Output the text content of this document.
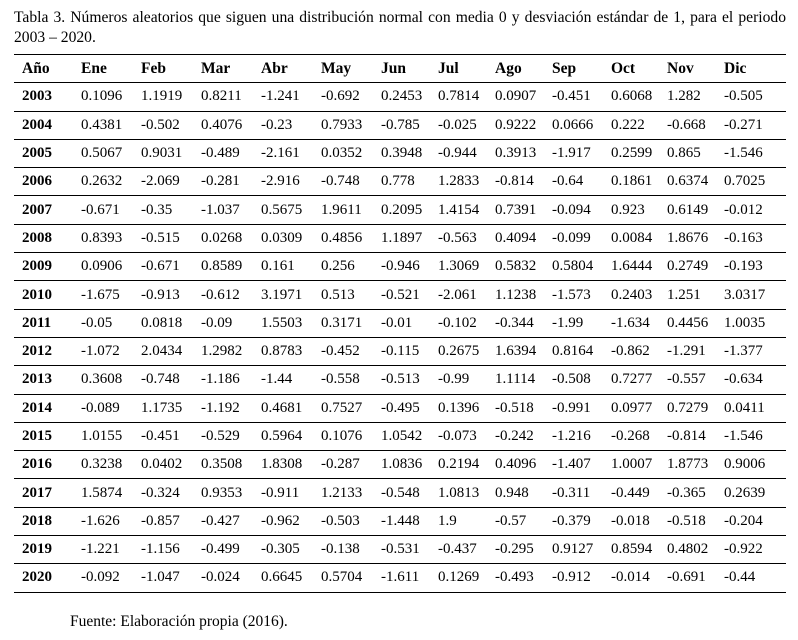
Tabla 3. Números aleatorios que siguen una distribución normal con media 0 y desviación estándar de 1, para el periodo 2003 – 2020.
Año	Ene	Feb	Mar	Abr	May	Jun	Jul	Ago	Sep	Oct	Nov	Dic
2003	0.1096	1.1919	0.8211	-1.241	-0.692	0.2453	0.7814	0.0907	-0.451	0.6068	1.282	-0.505
2004	0.4381	-0.502	0.4076	-0.23	0.7933	-0.785	-0.025	0.9222	0.0666	0.222	-0.668	-0.271
2005	0.5067	0.9031	-0.489	-2.161	0.0352	0.3948	-0.944	0.3913	-1.917	0.2599	0.865	-1.546
2006	0.2632	-2.069	-0.281	-2.916	-0.748	0.778	1.2833	-0.814	-0.64	0.1861	0.6374	0.7025
2007	-0.671	-0.35	-1.037	0.5675	1.9611	0.2095	1.4154	0.7391	-0.094	0.923	0.6149	-0.012
2008	0.8393	-0.515	0.0268	0.0309	0.4856	1.1897	-0.563	0.4094	-0.099	0.0084	1.8676	-0.163
2009	0.0906	-0.671	0.8589	0.161	0.256	-0.946	1.3069	0.5832	0.5804	1.6444	0.2749	-0.193
2010	-1.675	-0.913	-0.612	3.1971	0.513	-0.521	-2.061	1.1238	-1.573	0.2403	1.251	3.0317
2011	-0.05	0.0818	-0.09	1.5503	0.3171	-0.01	-0.102	-0.344	-1.99	-1.634	0.4456	1.0035
2012	-1.072	2.0434	1.2982	0.8783	-0.452	-0.115	0.2675	1.6394	0.8164	-0.862	-1.291	-1.377
2013	0.3608	-0.748	-1.186	-1.44	-0.558	-0.513	-0.99	1.1114	-0.508	0.7277	-0.557	-0.634
2014	-0.089	1.1735	-1.192	0.4681	0.7527	-0.495	0.1396	-0.518	-0.991	0.0977	0.7279	0.0411
2015	1.0155	-0.451	-0.529	0.5964	0.1076	1.0542	-0.073	-0.242	-1.216	-0.268	-0.814	-1.546
2016	0.3238	0.0402	0.3508	1.8308	-0.287	1.0836	0.2194	0.4096	-1.407	1.0007	1.8773	0.9006
2017	1.5874	-0.324	0.9353	-0.911	1.2133	-0.548	1.0813	0.948	-0.311	-0.449	-0.365	0.2639
2018	-1.626	-0.857	-0.427	-0.962	-0.503	-1.448	1.9	-0.57	-0.379	-0.018	-0.518	-0.204
2019	-1.221	-1.156	-0.499	-0.305	-0.138	-0.531	-0.437	-0.295	0.9127	0.8594	0.4802	-0.922
2020	-0.092	-1.047	-0.024	0.6645	0.5704	-1.611	0.1269	-0.493	-0.912	-0.014	-0.691	-0.44
Fuente: Elaboración propia (2016).
